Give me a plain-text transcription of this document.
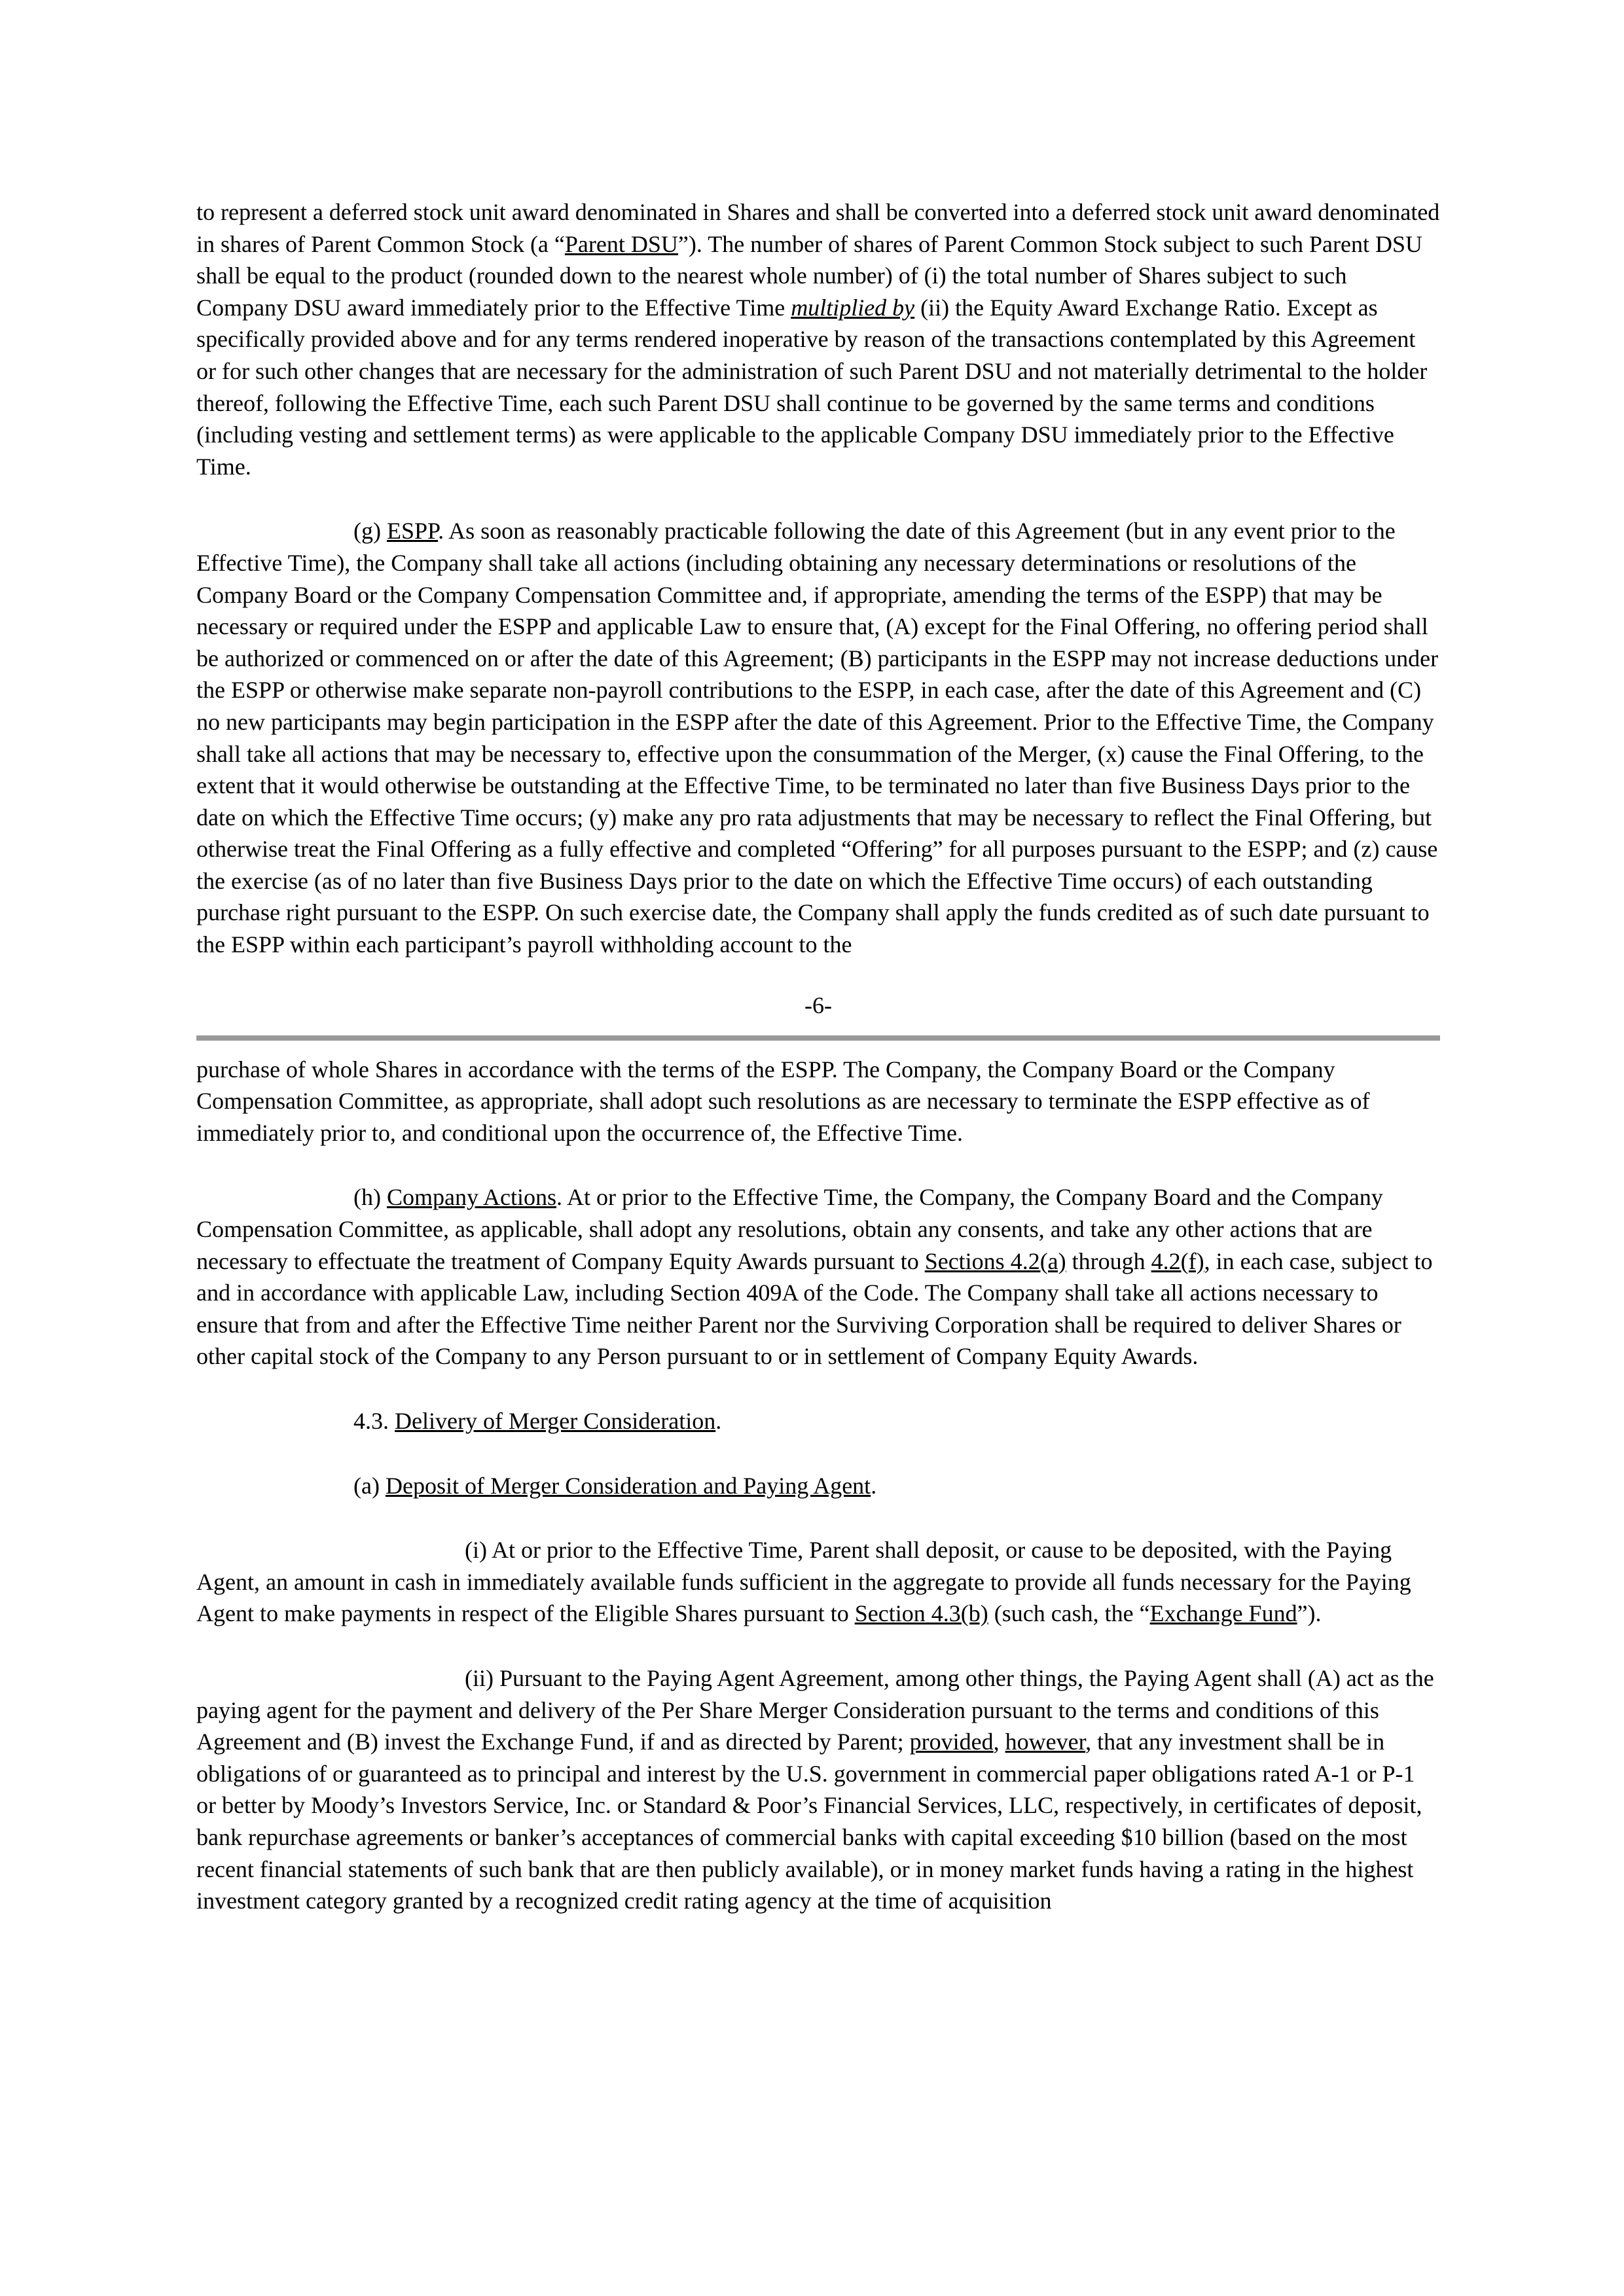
to represent a deferred stock unit award denominated in Shares and shall be converted into a deferred stock unit award denominated in shares of Parent Common Stock (a “Parent DSU”). The number of shares of Parent Common Stock subject to such Parent DSU shall be equal to the product (rounded down to the nearest whole number) of (i) the total number of Shares subject to such Company DSU award immediately prior to the Effective Time multiplied by (ii) the Equity Award Exchange Ratio. Except as specifically provided above and for any terms rendered inoperative by reason of the transactions contemplated by this Agreement or for such other changes that are necessary for the administration of such Parent DSU and not materially detrimental to the holder thereof, following the Effective Time, each such Parent DSU shall continue to be governed by the same terms and conditions (including vesting and settlement terms) as were applicable to the applicable Company DSU immediately prior to the Effective Time.

(g) ESPP. As soon as reasonably practicable following the date of this Agreement (but in any event prior to the Effective Time), the Company shall take all actions (including obtaining any necessary determinations or resolutions of the Company Board or the Company Compensation Committee and, if appropriate, amending the terms of the ESPP) that may be necessary or required under the ESPP and applicable Law to ensure that, (A) except for the Final Offering, no offering period shall be authorized or commenced on or after the date of this Agreement; (B) participants in the ESPP may not increase deductions under the ESPP or otherwise make separate non-payroll contributions to the ESPP, in each case, after the date of this Agreement and (C) no new participants may begin participation in the ESPP after the date of this Agreement. Prior to the Effective Time, the Company shall take all actions that may be necessary to, effective upon the consummation of the Merger, (x) cause the Final Offering, to the extent that it would otherwise be outstanding at the Effective Time, to be terminated no later than five Business Days prior to the date on which the Effective Time occurs; (y) make any pro rata adjustments that may be necessary to reflect the Final Offering, but otherwise treat the Final Offering as a fully effective and completed “Offering” for all purposes pursuant to the ESPP; and (z) cause the exercise (as of no later than five Business Days prior to the date on which the Effective Time occurs) of each outstanding purchase right pursuant to the ESPP. On such exercise date, the Company shall apply the funds credited as of such date pursuant to the ESPP within each participant’s payroll withholding account to the

-6-

purchase of whole Shares in accordance with the terms of the ESPP. The Company, the Company Board or the Company Compensation Committee, as appropriate, shall adopt such resolutions as are necessary to terminate the ESPP effective as of immediately prior to, and conditional upon the occurrence of, the Effective Time.

(h) Company Actions. At or prior to the Effective Time, the Company, the Company Board and the Company Compensation Committee, as applicable, shall adopt any resolutions, obtain any consents, and take any other actions that are necessary to effectuate the treatment of Company Equity Awards pursuant to Sections 4.2(a) through 4.2(f), in each case, subject to and in accordance with applicable Law, including Section 409A of the Code. The Company shall take all actions necessary to ensure that from and after the Effective Time neither Parent nor the Surviving Corporation shall be required to deliver Shares or other capital stock of the Company to any Person pursuant to or in settlement of Company Equity Awards.

4.3. Delivery of Merger Consideration.

(a) Deposit of Merger Consideration and Paying Agent.

(i) At or prior to the Effective Time, Parent shall deposit, or cause to be deposited, with the Paying Agent, an amount in cash in immediately available funds sufficient in the aggregate to provide all funds necessary for the Paying Agent to make payments in respect of the Eligible Shares pursuant to Section 4.3(b) (such cash, the “Exchange Fund”).

(ii) Pursuant to the Paying Agent Agreement, among other things, the Paying Agent shall (A) act as the paying agent for the payment and delivery of the Per Share Merger Consideration pursuant to the terms and conditions of this Agreement and (B) invest the Exchange Fund, if and as directed by Parent; provided, however, that any investment shall be in obligations of or guaranteed as to principal and interest by the U.S. government in commercial paper obligations rated A-1 or P-1 or better by Moody’s Investors Service, Inc. or Standard & Poor’s Financial Services, LLC, respectively, in certificates of deposit, bank repurchase agreements or banker’s acceptances of commercial banks with capital exceeding $10 billion (based on the most recent financial statements of such bank that are then publicly available), or in money market funds having a rating in the highest investment category granted by a recognized credit rating agency at the time of acquisition
